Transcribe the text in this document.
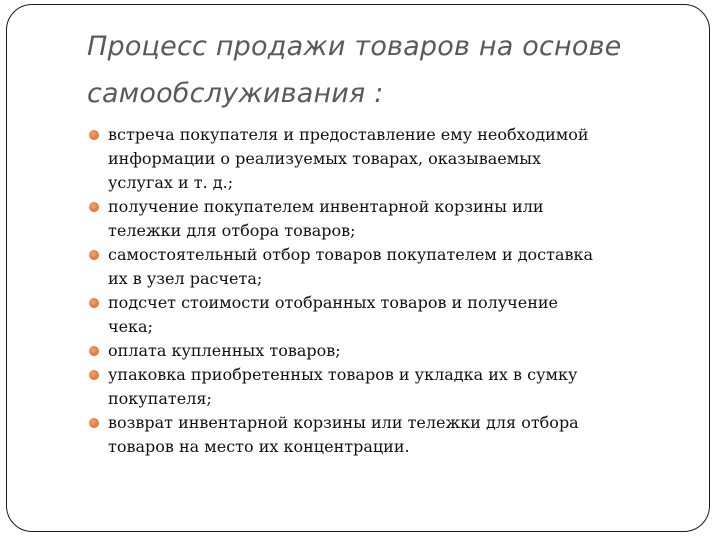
Процесс продажи товаров на основе
самообслуживания :
встреча покупателя и предоставление ему необходимой
информации о реализуемых товарах, оказываемых
услугах и т. д.;
получение покупателем инвентарной корзины или
тележки для отбора товаров;
самостоятельный отбор товаров покупателем и доставка
их в узел расчета;
подсчет стоимости отобранных товаров и получение
чека;
оплата купленных товаров;
упаковка приобретенных товаров и укладка их в сумку
покупателя;
возврат инвентарной корзины или тележки для отбора
товаров на место их концентрации.
